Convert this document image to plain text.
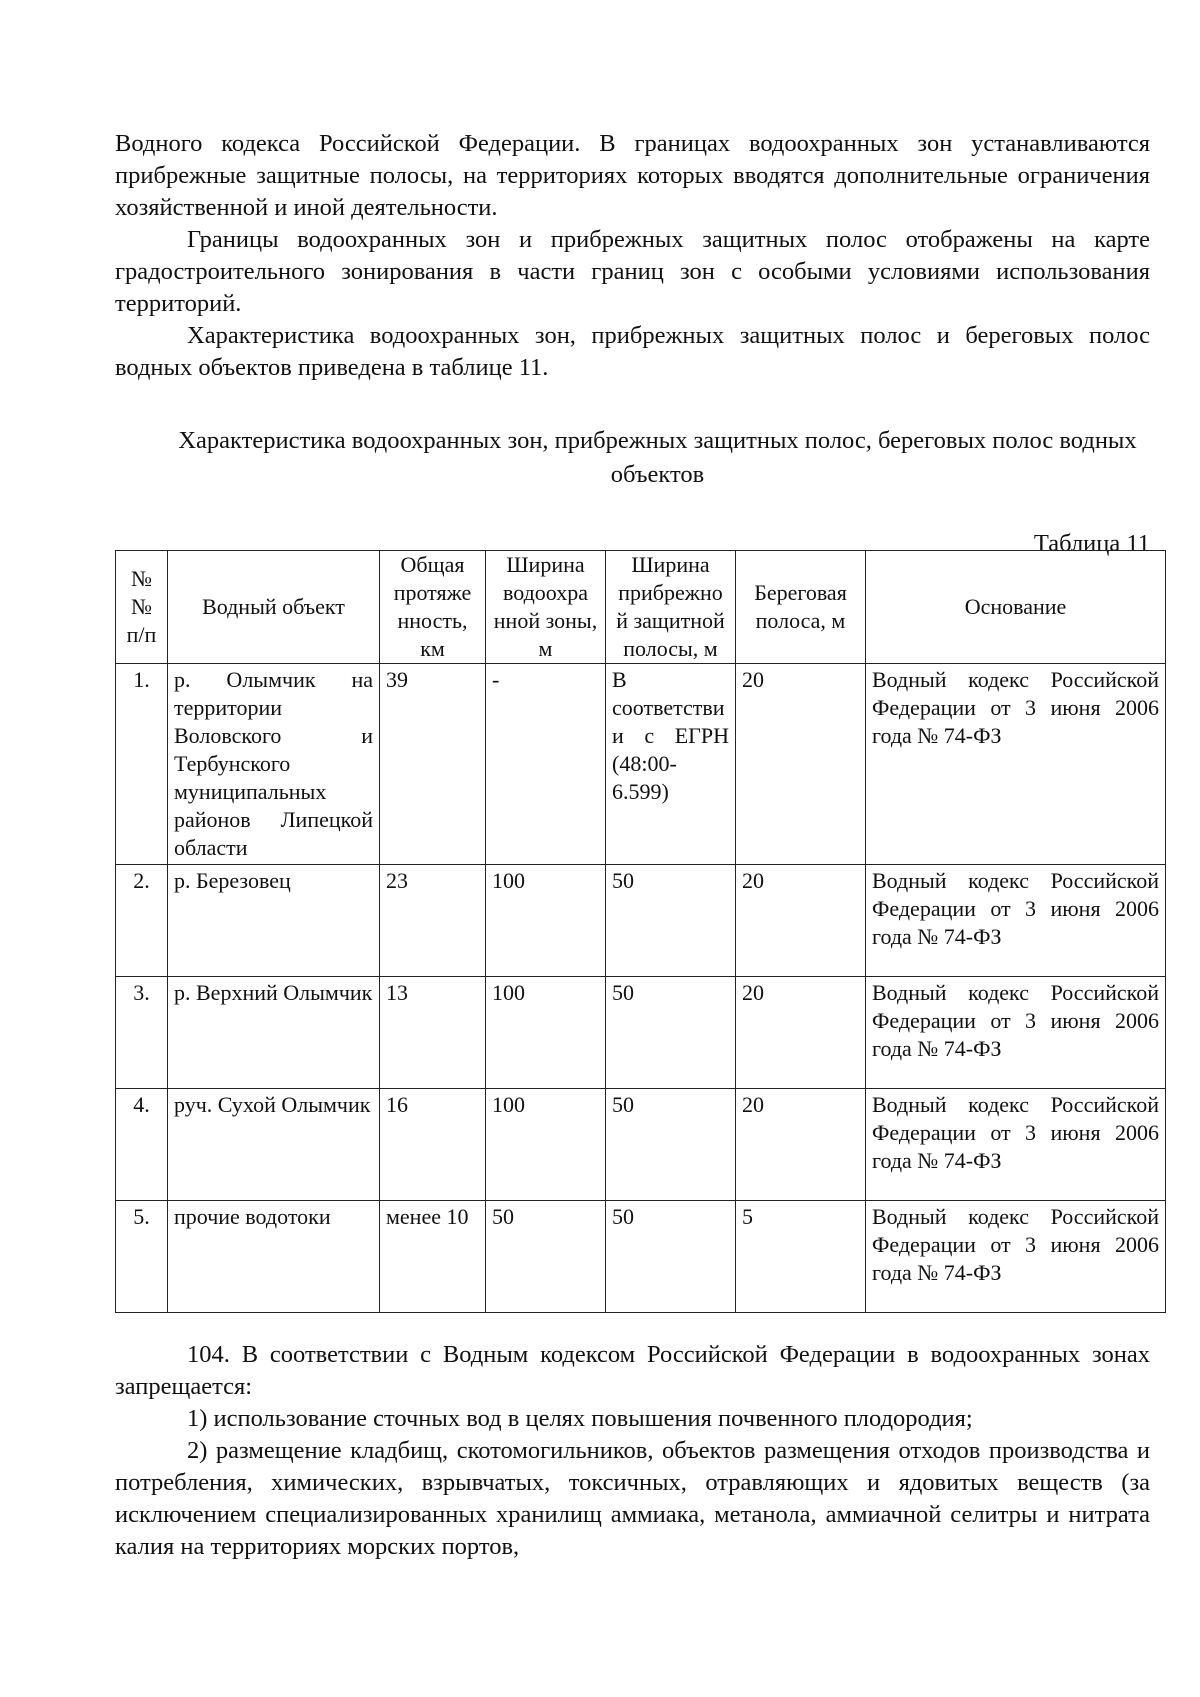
Водного кодекса Российской Федерации. В границах водоохранных зон устанавливаются прибрежные защитные полосы, на территориях которых вводятся дополнительные ограничения хозяйственной и иной деятельности.

Границы водоохранных зон и прибрежных защитных полос отображены на карте градостроительного зонирования в части границ зон с особыми условиями использования территорий.

Характеристика водоохранных зон, прибрежных защитных полос и береговых полос водных объектов приведена в таблице 11.

Характеристика водоохранных зон, прибрежных защитных полос, береговых полос водных объектов
Таблица 11
№ № п/п	Водный объект	Общая протяже нность, км	Ширина водоохра нной зоны, м	Ширина прибрежно й защитной полосы, м	Береговая полоса, м	Основание
1.	р. Олымчик на территории Воловского и Тербунского муниципальных районов Липецкой области	39	-	В соответстви и с ЕГРН (48:00-6.599)	20	Водный кодекс Российской Федерации от 3 июня 2006 года № 74-ФЗ
2.	р. Березовец	23	100	50	20	Водный кодекс Российской Федерации от 3 июня 2006 года № 74-ФЗ
3.	р. Верхний Олымчик	13	100	50	20	Водный кодекс Российской Федерации от 3 июня 2006 года № 74-ФЗ
4.	руч. Сухой Олымчик	16	100	50	20	Водный кодекс Российской Федерации от 3 июня 2006 года № 74-ФЗ
5.	прочие водотоки	менее 10	50	50	5	Водный кодекс Российской Федерации от 3 июня 2006 года № 74-ФЗ

104. В соответствии с Водным кодексом Российской Федерации в водоохранных зонах запрещается:

1) использование сточных вод в целях повышения почвенного плодородия;

2) размещение кладбищ, скотомогильников, объектов размещения отходов производства и потребления, химических, взрывчатых, токсичных, отравляющих и ядовитых веществ (за исключением специализированных хранилищ аммиака, метанола, аммиачной селитры и нитрата калия на территориях морских портов,
